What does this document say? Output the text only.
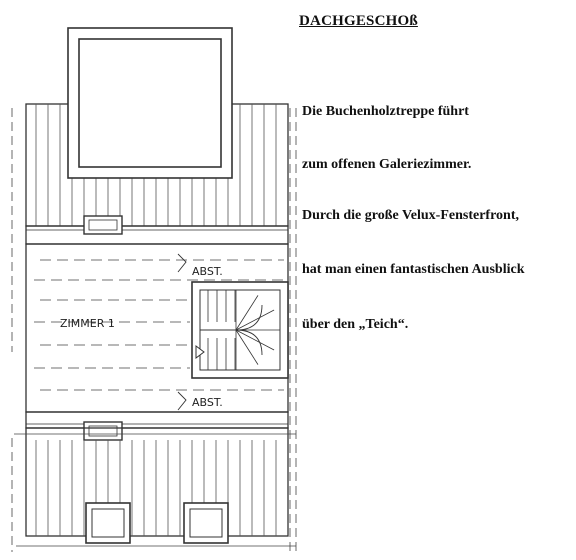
ZIMMER 1
ABST.
ABST.
DACHGESCHOß
Die Buchenholztreppe führt
zum offenen Galeriezimmer.
Durch die große Velux-Fensterfront,
hat man einen fantastischen Ausblick
über den „Teich“.
